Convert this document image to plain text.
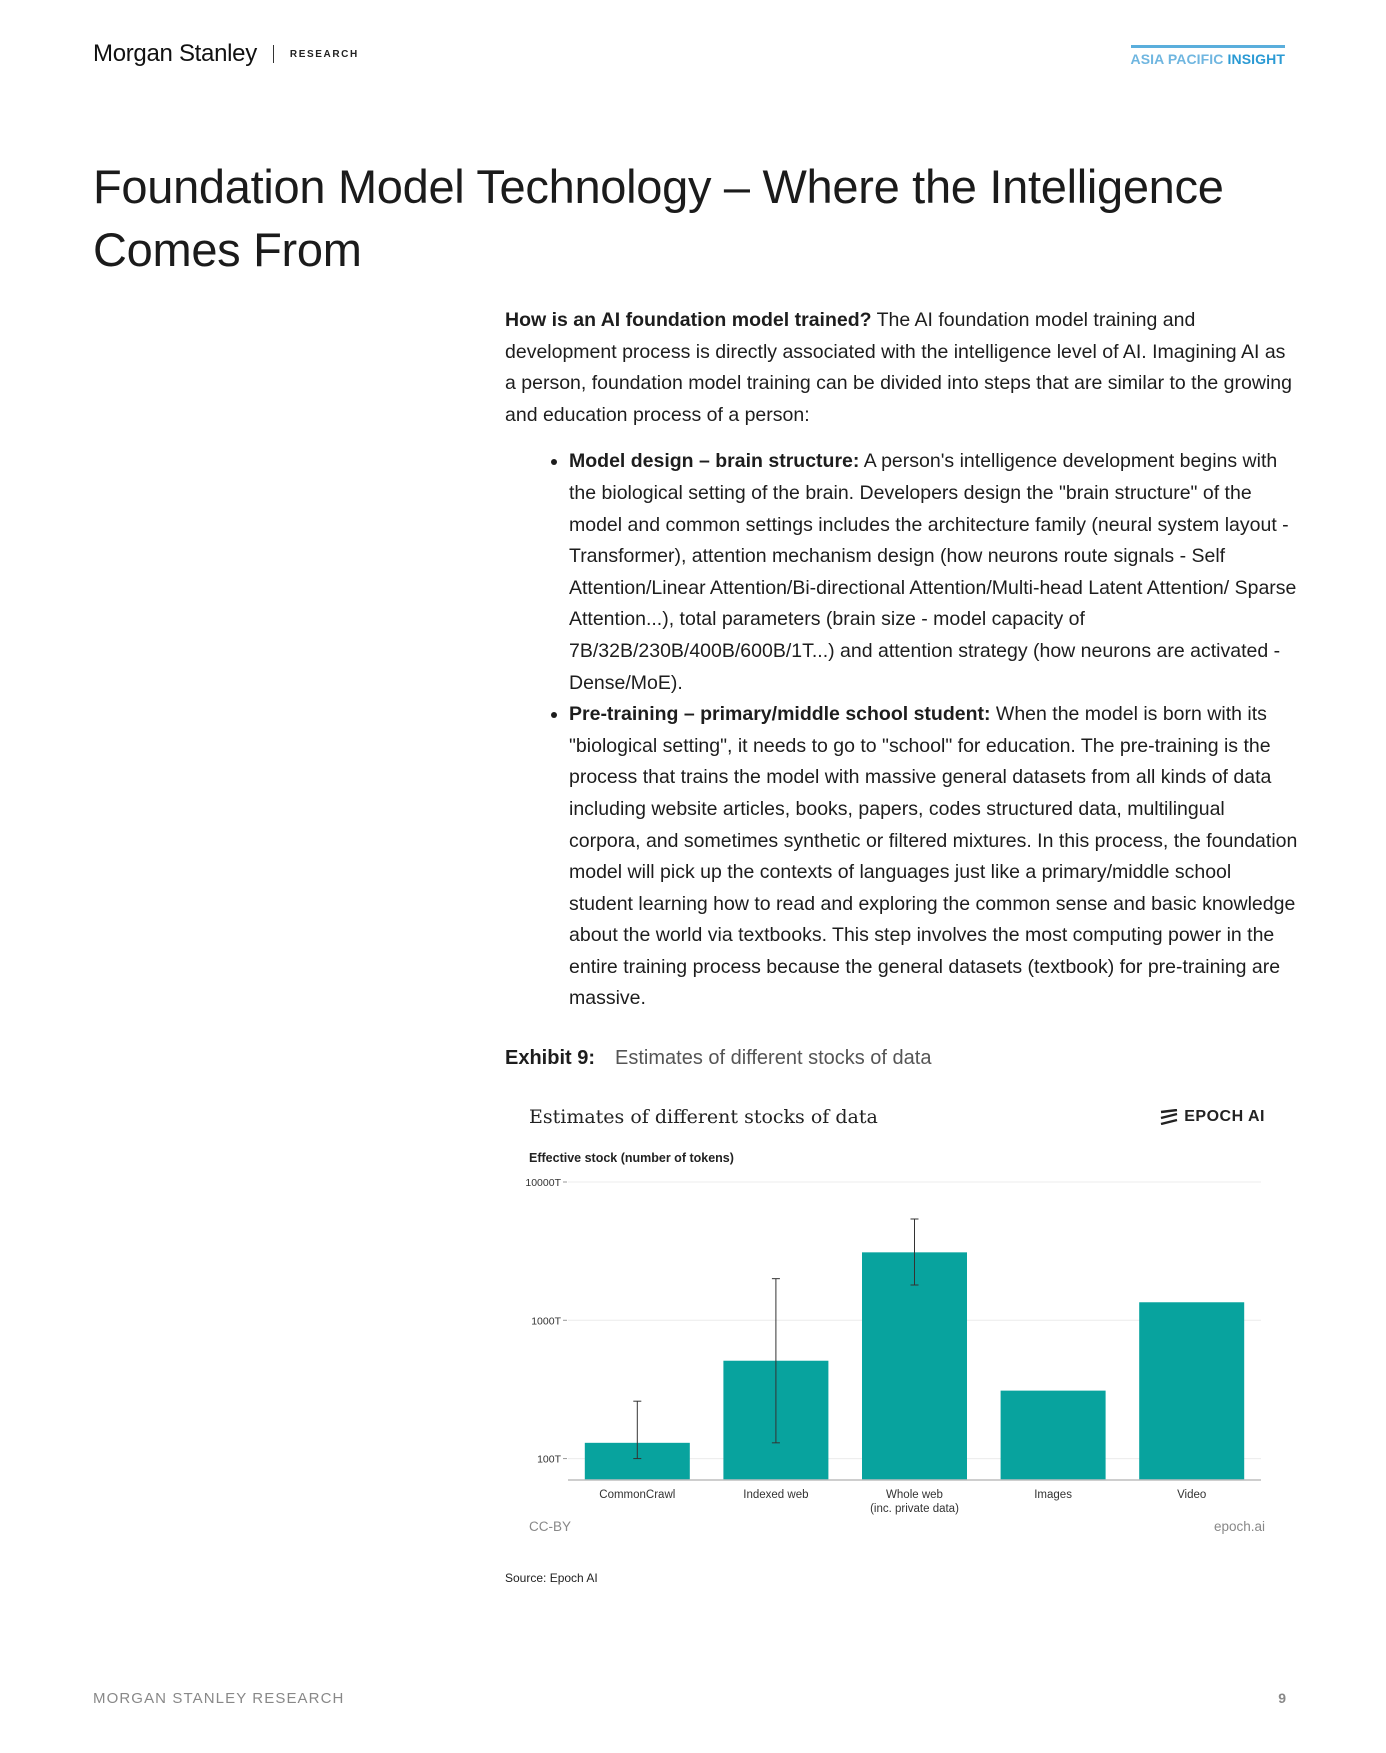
Morgan Stanley	RESEARCH	ASIA PACIFIC INSIGHT
Foundation Model Technology – Where the Intelligence Comes From

How is an AI foundation model trained? The AI foundation model training and development process is directly associated with the intelligence level of AI. Imagining AI as a person, foundation model training can be divided into steps that are similar to the growing and education process of a person:

• Model design – brain structure: A person's intelligence development begins with the biological setting of the brain. Developers design the "brain structure" of the model and common settings includes the architecture family (neural system layout - Transformer), attention mechanism design (how neurons route signals - Self Attention/Linear Attention/Bi-directional Attention/Multi-head Latent Attention/ Sparse Attention...), total parameters (brain size - model capacity of 7B/32B/230B/400B/600B/1T...) and attention strategy (how neurons are activated - Dense/MoE).
• Pre-training – primary/middle school student: When the model is born with its "biological setting", it needs to go to "school" for education. The pre-training is the process that trains the model with massive general datasets from all kinds of data including website articles, books, papers, codes structured data, multilingual corpora, and sometimes synthetic or filtered mixtures. In this process, the foundation model will pick up the contexts of languages just like a primary/middle school student learning how to read and exploring the common sense and basic knowledge about the world via textbooks. This step involves the most computing power in the entire training process because the general datasets (textbook) for pre-training are massive.
Exhibit 9: Estimates of different stocks of data
100T
1000T
10000T
CommonCrawl	Indexed web	Whole web
(inc. private data)
Images	Video
Estimates of different stocks of data	EPOCH AI
Effective stock (number of tokens)
CC-BY	epoch.ai
Source: Epoch AI
MORGAN STANLEY RESEARCH	9
